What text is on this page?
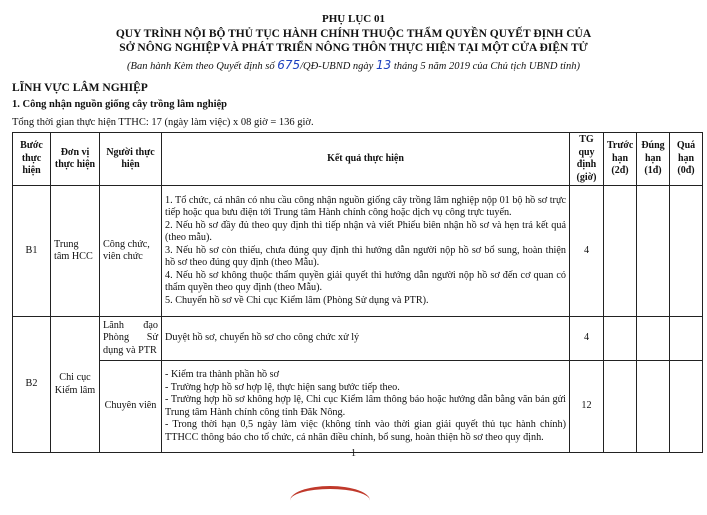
PHỤ LỤC 01
QUY TRÌNH NỘI BỘ THỦ TỤC HÀNH CHÍNH THUỘC THẨM QUYỀN QUYẾT ĐỊNH CỦA
SỞ NÔNG NGHIỆP VÀ PHÁT TRIỂN NÔNG THÔN THỰC HIỆN TẠI MỘT CỬA ĐIỆN TỬ
(Ban hành Kèm theo Quyết định số 675/QĐ-UBND ngày 13 tháng 5 năm 2019 của Chủ tịch UBND tỉnh)
LĨNH VỰC LÂM NGHIỆP
1. Công nhận nguồn giống cây trồng lâm nghiệp
Tổng thời gian thực hiện TTHC: 17 (ngày làm việc) x 08 giờ = 136 giờ.
Bước thực hiện	Đơn vị thực hiện	Người thực hiện	Kết quả thực hiện	TG quy định (giờ)	Trước hạn (2đ)	Đúng hạn (1đ)	Quá hạn (0đ)
B1	Trung tâm HCC	Công chức, viên chức	1. Tổ chức, cá nhân có nhu cầu công nhận nguồn giống cây trồng lâm nghiệp nộp 01 bộ hồ sơ trực tiếp hoặc qua bưu điện tới Trung tâm Hành chính công hoặc dịch vụ công trực tuyến.
2. Nếu hồ sơ đầy đủ theo quy định thì tiếp nhận và viết Phiếu biên nhận hồ sơ và hẹn trả kết quả (theo mẫu).
3. Nếu hồ sơ còn thiếu, chưa đúng quy định thì hướng dẫn người nộp hồ sơ bổ sung, hoàn thiện hồ sơ theo đúng quy định (theo Mẫu).
4. Nếu hồ sơ không thuộc thẩm quyền giải quyết thì hướng dẫn người nộp hồ sơ đến cơ quan có thẩm quyền theo quy định (theo Mẫu).
5. Chuyển hồ sơ về Chi cục Kiểm lâm (Phòng Sử dụng và PTR).	4			
B2	Chi cục Kiểm lâm	Lãnh đạo Phòng Sử dụng và PTR	Duyệt hồ sơ, chuyển hồ sơ cho công chức xử lý	4			
		Chuyên viên	- Kiểm tra thành phần hồ sơ
- Trường hợp hồ sơ hợp lệ, thực hiện sang bước tiếp theo.
- Trường hợp hồ sơ không hợp lệ, Chi cục Kiểm lâm thông báo hoặc hướng dẫn bằng văn bản gửi Trung tâm Hành chính công tỉnh Đăk Nông.
- Trong thời hạn 0,5 ngày làm việc (không tính vào thời gian giải quyết thủ tục hành chính) TTHCC thông báo cho tổ chức, cá nhân điều chỉnh, bổ sung, hoàn thiện hồ sơ theo quy định.	12			
1
